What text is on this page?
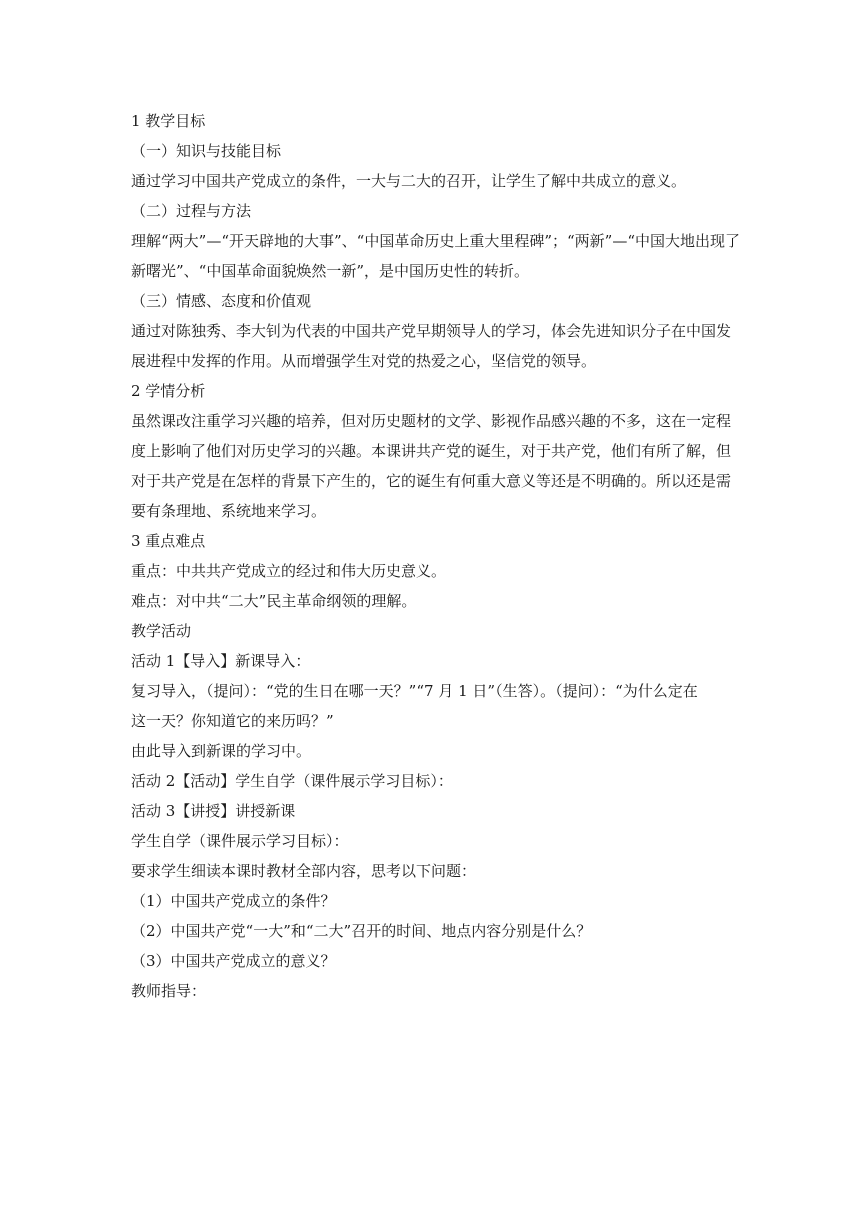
1 教学目标

（一）知识与技能目标

通过学习中国共产党成立的条件，一大与二大的召开，让学生了解中共成立的意义。

（二）过程与方法

理解“两大”—“开天辟地的大事”、“中国革命历史上重大里程碑”；“两新”—“中国大地出现了

新曙光”、“中国革命面貌焕然一新”，是中国历史性的转折。

（三）情感、态度和价值观

通过对陈独秀、李大钊为代表的中国共产党早期领导人的学习，体会先进知识分子在中国发

展进程中发挥的作用。从而增强学生对党的热爱之心，坚信党的领导。

2 学情分析

虽然课改注重学习兴趣的培养，但对历史题材的文学、影视作品感兴趣的不多，这在一定程

度上影响了他们对历史学习的兴趣。本课讲共产党的诞生，对于共产党，他们有所了解，但

对于共产党是在怎样的背景下产生的，它的诞生有何重大意义等还是不明确的。所以还是需

要有条理地、系统地来学习。

3 重点难点

重点：中共共产党成立的经过和伟大历史意义。

难点：对中共“二大”民主革命纲领的理解。

教学活动

活动 1【导入】新课导入：

复习导入，（提问）：“党的生日在哪一天？”“7 月 1 日”（生答）。（提问）：“为什么定在

这一天？你知道它的来历吗？”

由此导入到新课的学习中。

活动 2【活动】学生自学（课件展示学习目标）：

活动 3【讲授】讲授新课

学生自学（课件展示学习目标）：

要求学生细读本课时教材全部内容，思考以下问题：

（1）中国共产党成立的条件？

（2）中国共产党“一大”和“二大”召开的时间、地点内容分别是什么？

（3）中国共产党成立的意义？

教师指导：
